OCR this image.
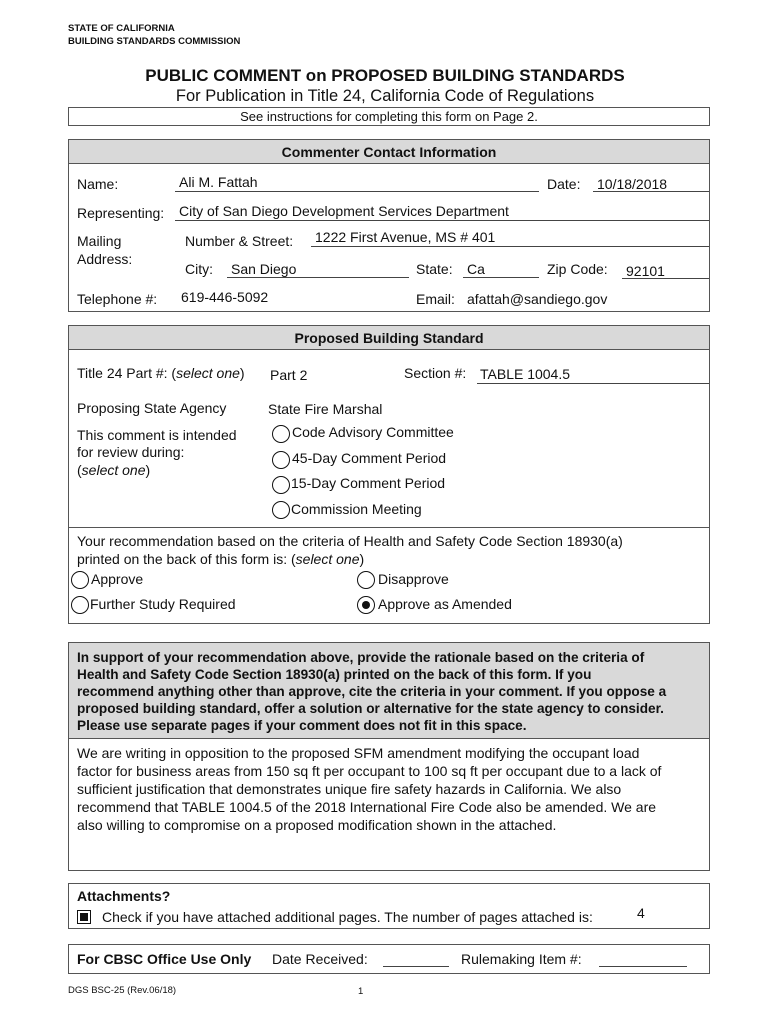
STATE OF CALIFORNIA
BUILDING STANDARDS COMMISSION
PUBLIC COMMENT on PROPOSED BUILDING STANDARDS
For Publication in Title 24, California Code of Regulations
See instructions for completing this form on Page 2.
Commenter Contact Information
Name:	Ali M. Fattah	Date: 10/18/2018
Representing: City of San Diego Development Services Department
Mailing
Address:
Number & Street: 1222 First Avenue, MS # 401
City: San Diego	State: Ca	Zip Code: 92101
Telephone #: 619-446-5092	Email: afattah@sandiego.gov
Proposed Building Standard
Title 24 Part #: (select one) Part 2	Section #: TABLE 1004.5
Proposing State Agency	State Fire Marshal
This comment is intended
for review during:
(select one)
Code Advisory Committee
45-Day Comment Period
15-Day Comment Period
Commission Meeting
Your recommendation based on the criteria of Health and Safety Code Section 18930(a)
printed on the back of this form is: (select one)
Approve	Disapprove
Further Study Required	Approve as Amended
In support of your recommendation above, provide the rationale based on the criteria of
Health and Safety Code Section 18930(a) printed on the back of this form. If you
recommend anything other than approve, cite the criteria in your comment. If you oppose a
proposed building standard, offer a solution or alternative for the state agency to consider.
Please use separate pages if your comment does not fit in this space.
We are writing in opposition to the proposed SFM amendment modifying the occupant load
factor for business areas from 150 sq ft per occupant to 100 sq ft per occupant due to a lack of
sufficient justification that demonstrates unique fire safety hazards in California. We also
recommend that TABLE 1004.5 of the 2018 International Fire Code also be amended. We are
also willing to compromise on a proposed modification shown in the attached.
Attachments?
Check if you have attached additional pages. The number of pages attached is:	4
For CBSC Office Use Only Date Received:	Rulemaking Item #:
DGS BSC-25 (Rev.06/18)	1
